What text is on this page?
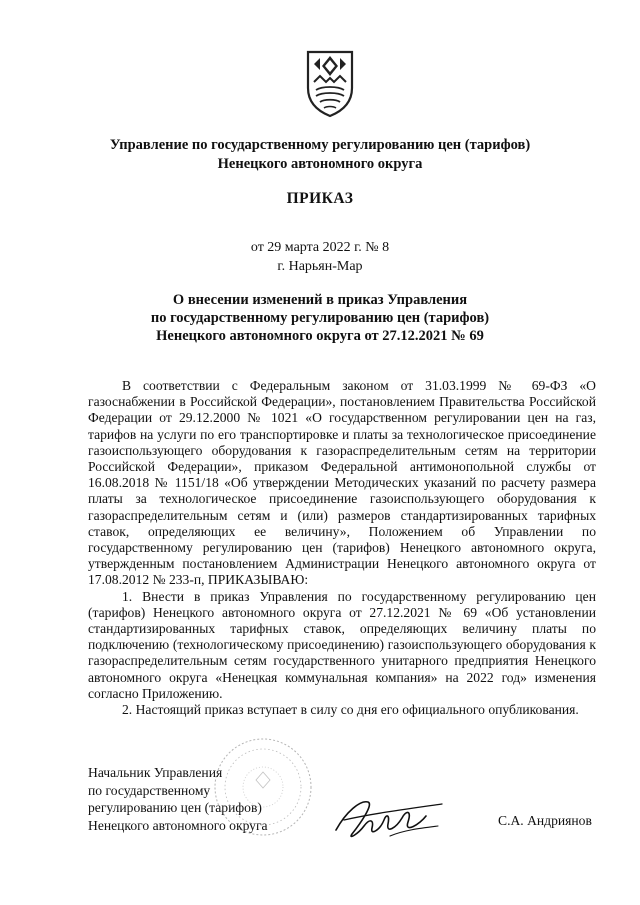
Управление по государственному регулированию цен (тарифов)
Ненецкого автономного округа
ПРИКАЗ
от 29 марта 2022 г. № 8
г. Нарьян-Мар
О внесении изменений в приказ Управления
по государственному регулированию цен (тарифов)
Ненецкого автономного округа от 27.12.2021 № 69

В соответствии с Федеральным законом от 31.03.1999 № 69-ФЗ «О газоснабжении в Российской Федерации», постановлением Правительства Российской Федерации от 29.12.2000 № 1021 «О государственном регулировании цен на газ, тарифов на услуги по его транспортировке и платы за технологическое присоединение газоиспользующего оборудования к газораспределительным сетям на территории Российской Федерации», приказом Федеральной антимонопольной службы от 16.08.2018 № 1151/18 «Об утверждении Методических указаний по расчету размера платы за технологическое присоединение газоиспользующего оборудования к газораспределительным сетям и (или) размеров стандартизированных тарифных ставок, определяющих ее величину», Положением об Управлении по государственному регулированию цен (тарифов) Ненецкого автономного округа, утвержденным постановлением Администрации Ненецкого автономного округа от 17.08.2012 № 233-п, ПРИКАЗЫВАЮ:

1. Внести в приказ Управления по государственному регулированию цен (тарифов) Ненецкого автономного округа от 27.12.2021 № 69 «Об установлении стандартизированных тарифных ставок, определяющих величину платы по подключению (технологическому присоединению) газоиспользующего оборудования к газораспределительным сетям государственного унитарного предприятия Ненецкого автономного округа «Ненецкая коммунальная компания» на 2022 год» изменения согласно Приложению.

2. Настоящий приказ вступает в силу со дня его официального опубликования.

Начальник Управления
по государственному
регулированию цен (тарифов)
Ненецкого автономного округа	С.А. Андриянов
